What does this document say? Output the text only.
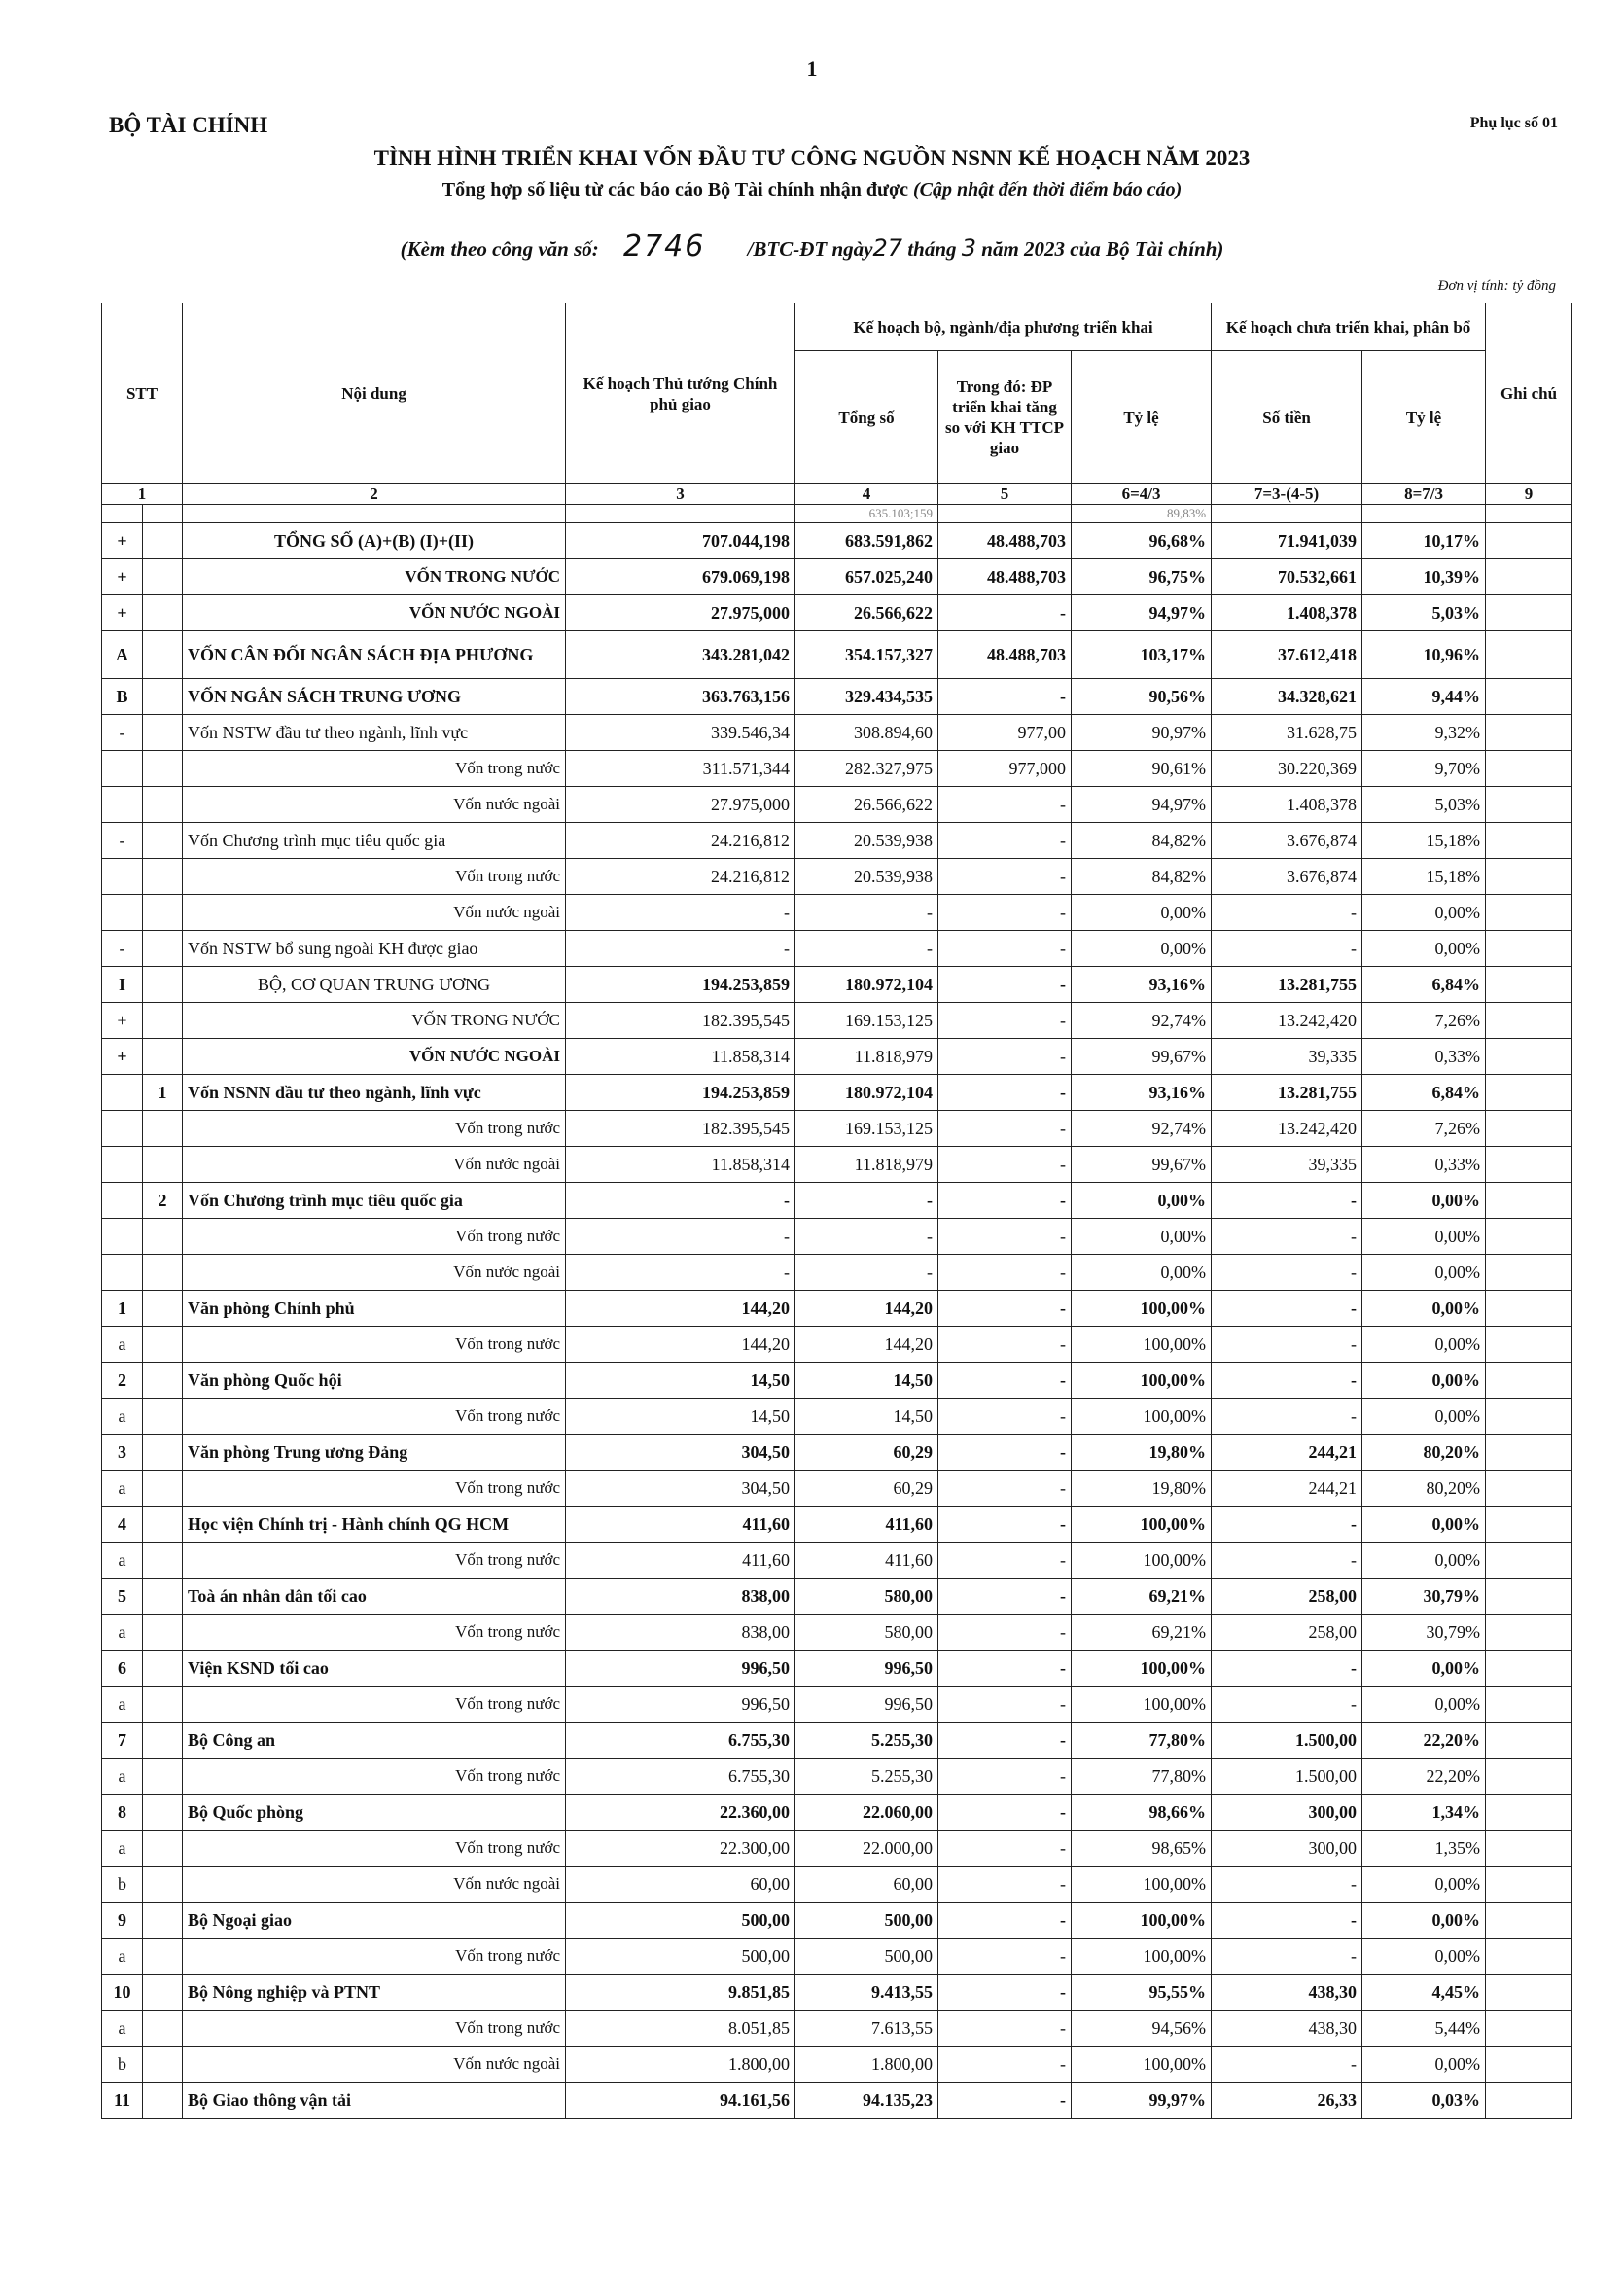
1
BỘ TÀI CHÍNH	Phụ lục số 01
TÌNH HÌNH TRIỂN KHAI VỐN ĐẦU TƯ CÔNG NGUỒN NSNN KẾ HOẠCH NĂM 2023
Tổng hợp số liệu từ các báo cáo Bộ Tài chính nhận được (Cập nhật đến thời điểm báo cáo)
(Kèm theo công văn số: 2746 /BTC-ĐT ngày27 tháng 3 năm 2023 của Bộ Tài chính)
Đơn vị tính: tỷ đồng
STT		Nội dung	Kế hoạch Thủ tướng Chính phủ giao	Kế hoạch bộ, ngành/địa phương triển khai			Kế hoạch chưa triển khai, phân bổ		Ghi chú
				Tổng số	Trong đó: ĐP triển khai tăng so với KH TTCP giao	Tỷ lệ	Số tiền	Tỷ lệ	
1		2	3	4	5	6=4/3	7=3-(4-5)	8=7/3	9
				635.103;159		89,83%			
+		TỔNG SỐ (A)+(B) (I)+(II)	707.044,198	683.591,862	48.488,703	96,68%	71.941,039	10,17%	
+		VỐN TRONG NƯỚC	679.069,198	657.025,240	48.488,703	96,75%	70.532,661	10,39%	
+		VỐN NƯỚC NGOÀI	27.975,000	26.566,622	-	94,97%	1.408,378	5,03%	
A		VỐN CÂN ĐỐI NGÂN SÁCH ĐỊA PHƯƠNG	343.281,042	354.157,327	48.488,703	103,17%	37.612,418	10,96%	
B		VỐN NGÂN SÁCH TRUNG ƯƠNG	363.763,156	329.434,535	-	90,56%	34.328,621	9,44%	
-		Vốn NSTW đầu tư theo ngành, lĩnh vực	339.546,34	308.894,60	977,00	90,97%	31.628,75	9,32%	
		Vốn trong nước	311.571,344	282.327,975	977,000	90,61%	30.220,369	9,70%	
		Vốn nước ngoài	27.975,000	26.566,622	-	94,97%	1.408,378	5,03%	
-		Vốn Chương trình mục tiêu quốc gia	24.216,812	20.539,938	-	84,82%	3.676,874	15,18%	
		Vốn trong nước	24.216,812	20.539,938	-	84,82%	3.676,874	15,18%	
		Vốn nước ngoài	-	-	-	0,00%	-	0,00%	
-		Vốn NSTW bổ sung ngoài KH được giao	-	-	-	0,00%	-	0,00%	
I		BỘ, CƠ QUAN TRUNG ƯƠNG	194.253,859	180.972,104	-	93,16%	13.281,755	6,84%	
+		VỐN TRONG NƯỚC	182.395,545	169.153,125	-	92,74%	13.242,420	7,26%	
+		VỐN NƯỚC NGOÀI	11.858,314	11.818,979	-	99,67%	39,335	0,33%	
	1	Vốn NSNN đầu tư theo ngành, lĩnh vực	194.253,859	180.972,104	-	93,16%	13.281,755	6,84%	
		Vốn trong nước	182.395,545	169.153,125	-	92,74%	13.242,420	7,26%	
		Vốn nước ngoài	11.858,314	11.818,979	-	99,67%	39,335	0,33%	
	2	Vốn Chương trình mục tiêu quốc gia	-	-	-	0,00%	-	0,00%	
		Vốn trong nước	-	-	-	0,00%	-	0,00%	
		Vốn nước ngoài	-	-	-	0,00%	-	0,00%	
1		Văn phòng Chính phủ	144,20	144,20	-	100,00%	-	0,00%	
a		Vốn trong nước	144,20	144,20	-	100,00%	-	0,00%	
2		Văn phòng Quốc hội	14,50	14,50	-	100,00%	-	0,00%	
a		Vốn trong nước	14,50	14,50	-	100,00%	-	0,00%	
3		Văn phòng Trung ương Đảng	304,50	60,29	-	19,80%	244,21	80,20%	
a		Vốn trong nước	304,50	60,29	-	19,80%	244,21	80,20%	
4		Học viện Chính trị - Hành chính QG HCM	411,60	411,60	-	100,00%	-	0,00%	
a		Vốn trong nước	411,60	411,60	-	100,00%	-	0,00%	
5		Toà án nhân dân tối cao	838,00	580,00	-	69,21%	258,00	30,79%	
a		Vốn trong nước	838,00	580,00	-	69,21%	258,00	30,79%	
6		Viện KSND tối cao	996,50	996,50	-	100,00%	-	0,00%	
a		Vốn trong nước	996,50	996,50	-	100,00%	-	0,00%	
7		Bộ Công an	6.755,30	5.255,30	-	77,80%	1.500,00	22,20%	
a		Vốn trong nước	6.755,30	5.255,30	-	77,80%	1.500,00	22,20%	
8		Bộ Quốc phòng	22.360,00	22.060,00	-	98,66%	300,00	1,34%	
a		Vốn trong nước	22.300,00	22.000,00	-	98,65%	300,00	1,35%	
b		Vốn nước ngoài	60,00	60,00	-	100,00%	-	0,00%	
9		Bộ Ngoại giao	500,00	500,00	-	100,00%	-	0,00%	
a		Vốn trong nước	500,00	500,00	-	100,00%	-	0,00%	
10		Bộ Nông nghiệp và PTNT	9.851,85	9.413,55	-	95,55%	438,30	4,45%	
a		Vốn trong nước	8.051,85	7.613,55	-	94,56%	438,30	5,44%	
b		Vốn nước ngoài	1.800,00	1.800,00	-	100,00%	-	0,00%	
11		Bộ Giao thông vận tải	94.161,56	94.135,23	-	99,97%	26,33	0,03%	
